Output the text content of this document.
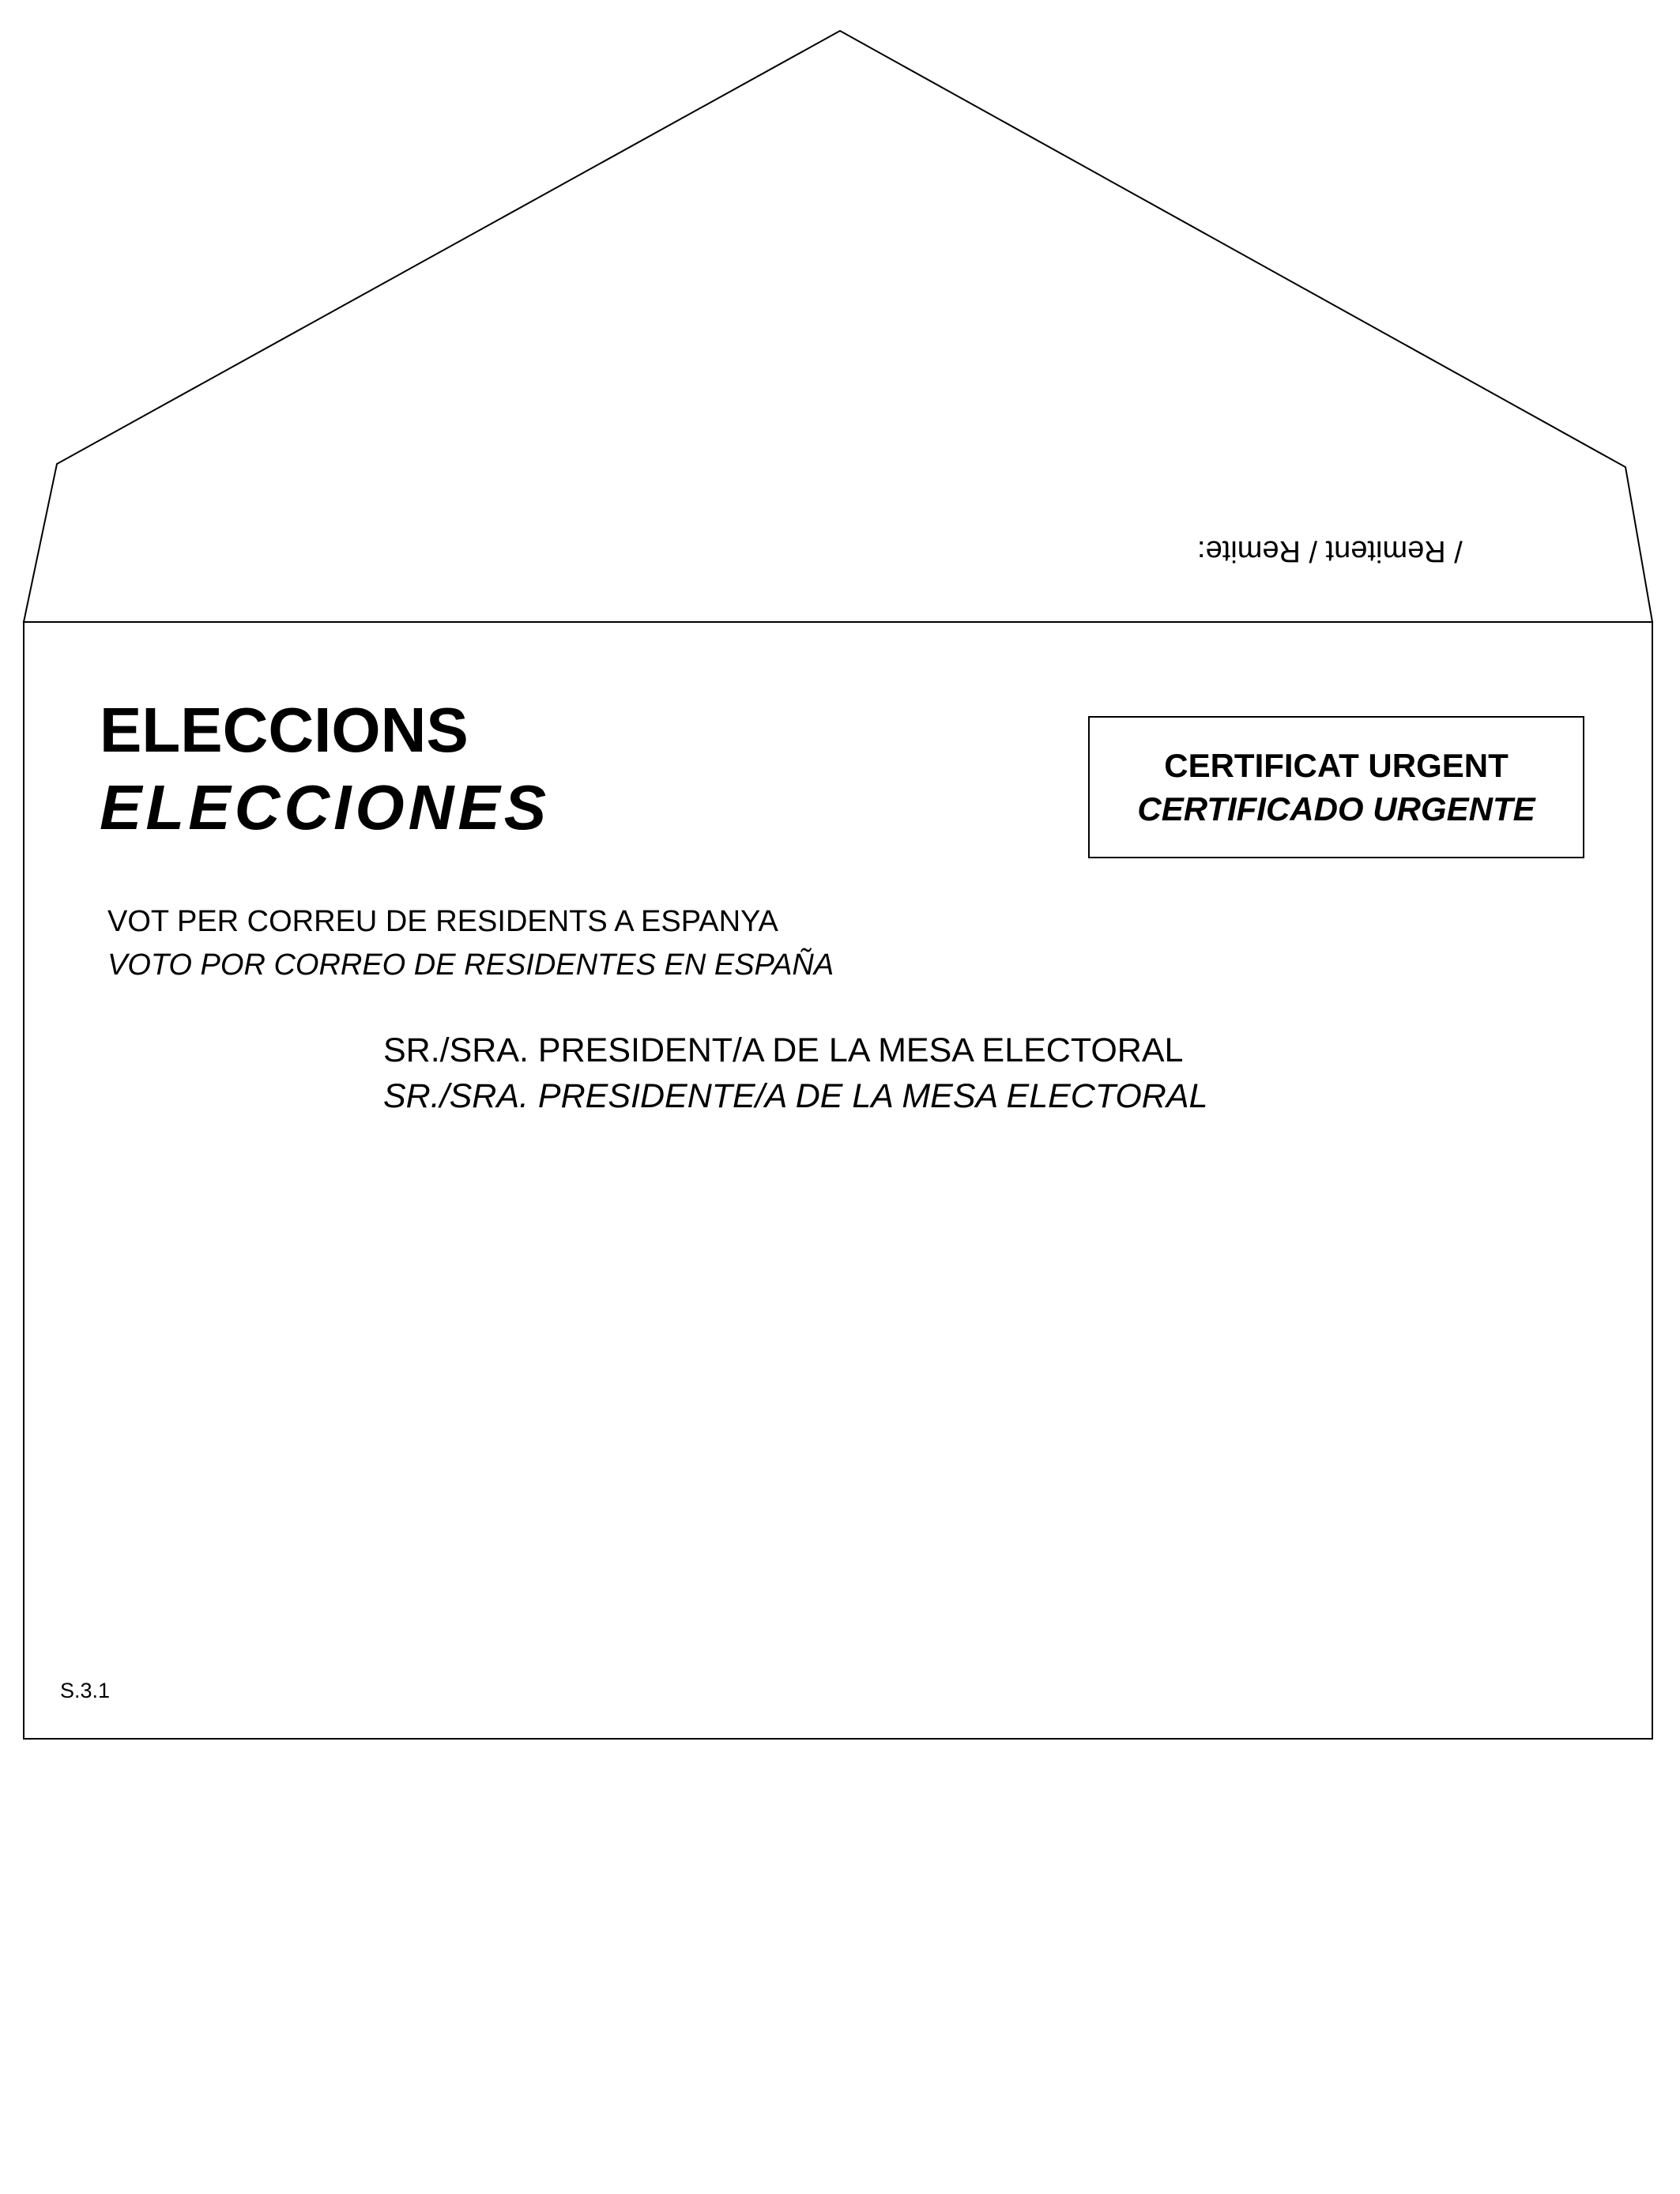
/ Remitent / Remite:
ELECCIONS
ELECCIONES
CERTIFICAT URGENT
CERTIFICADO URGENTE
VOT PER CORREU DE RESIDENTS A ESPANYA
VOTO POR CORREO DE RESIDENTES EN ESPAÑA
SR./SRA. PRESIDENT/A DE LA MESA ELECTORAL
SR./SRA. PRESIDENTE/A DE LA MESA ELECTORAL
S.3.1
